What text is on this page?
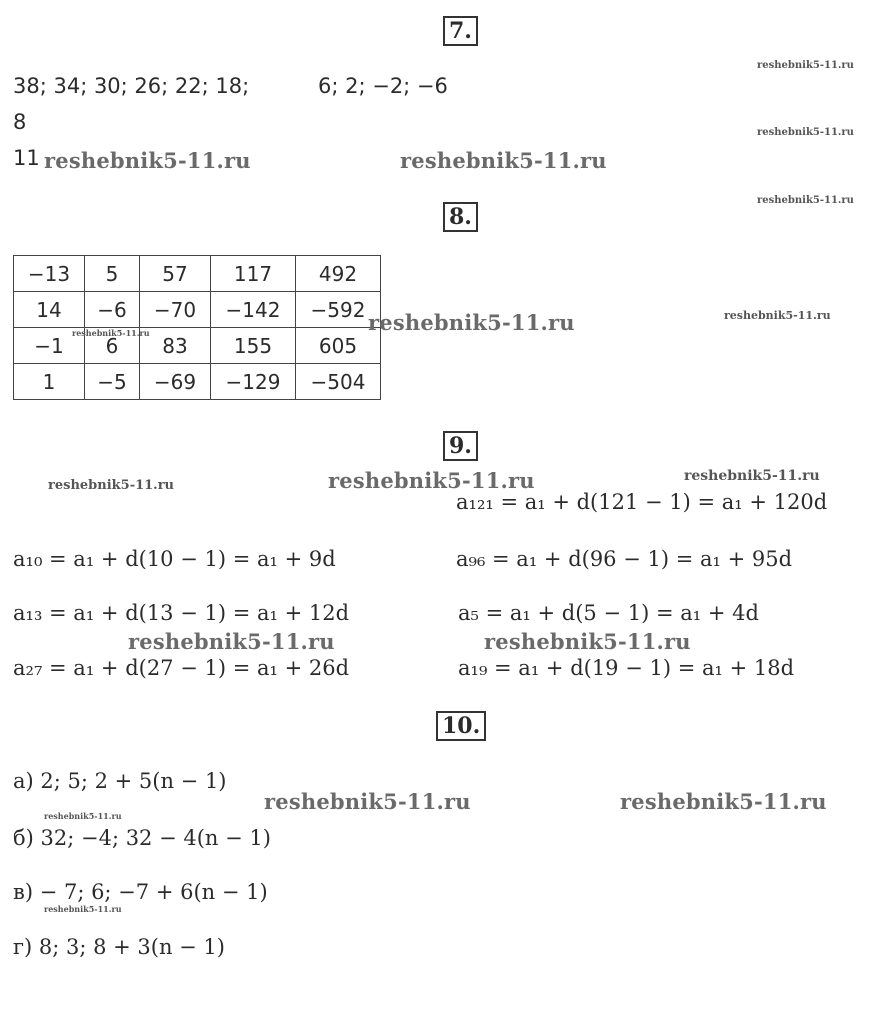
7.
38; 34; 30; 26; 22; 18;	6; 2; −2; −6
8
11
8.
−13	5	57	117	492
14	−6	−70	−142	−592
−1	6	83	155	605
1	−5	−69	−129	−504
9.
a₁₂₁ = a₁ + d(121 − 1) = a₁ + 120d
a₁₀ = a₁ + d(10 − 1) = a₁ + 9d	a₉₆ = a₁ + d(96 − 1) = a₁ + 95d
a₁₃ = a₁ + d(13 − 1) = a₁ + 12d	a₅ = a₁ + d(5 − 1) = a₁ + 4d
a₂₇ = a₁ + d(27 − 1) = a₁ + 26d	a₁₉ = a₁ + d(19 − 1) = a₁ + 18d
10.
а) 2; 5; 2 + 5(n − 1)
б) 32; −4; 32 − 4(n − 1)
в) − 7; 6; −7 + 6(n − 1)
г) 8; 3; 8 + 3(n − 1)
reshebnik5-11.ru	reshebnik5-11.ru
reshebnik5-11.ru
reshebnik5-11.ru
reshebnik5-11.ru	reshebnik5-11.ru
reshebnik5-11.ru	reshebnik5-11.ru
reshebnik5-11.ru
reshebnik5-11.ru
reshebnik5-11.ru
reshebnik5-11.ru
reshebnik5-11.ru
reshebnik5-11.ru
reshebnik5-11.ru
reshebnik5-11.ru
reshebnik5-11.ru
